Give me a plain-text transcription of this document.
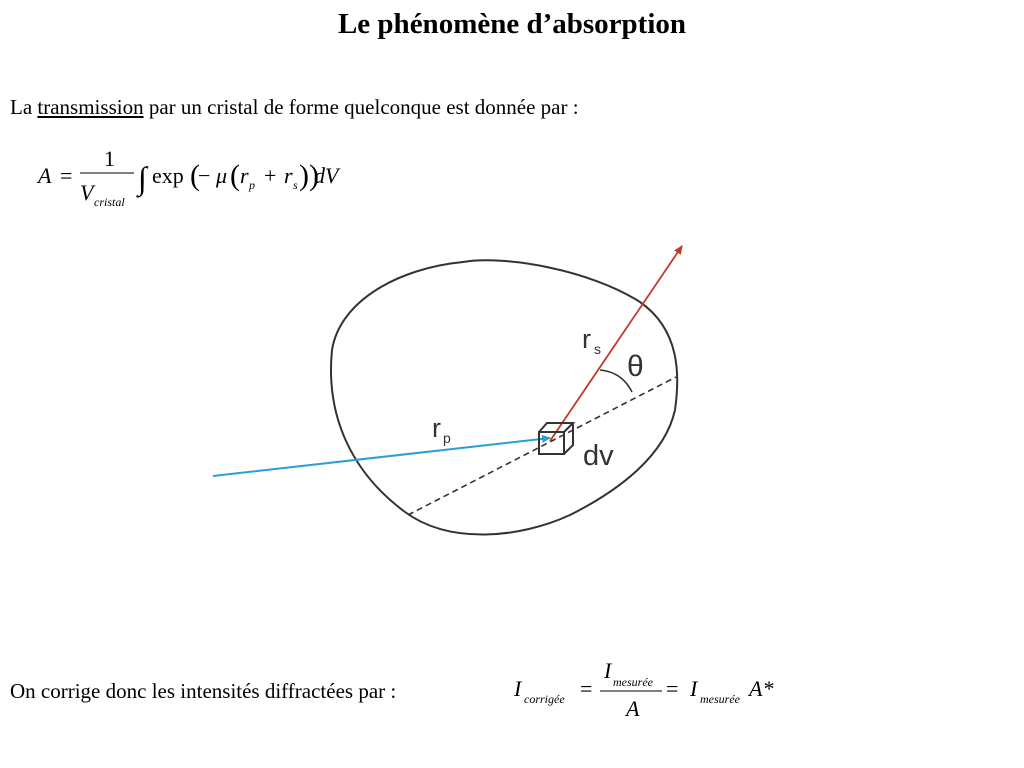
Le phénomène d’absorption
La transmission par un cristal de forme quelconque est donnée par :
A =
1
V cristal
∫ exp (
− μ ( r p + r s ))
dV
r s
θ
r p
dv
On corrige donc les intensités diffractées par :	I corrigée =
I mesurée
A
= I mesurée A*
